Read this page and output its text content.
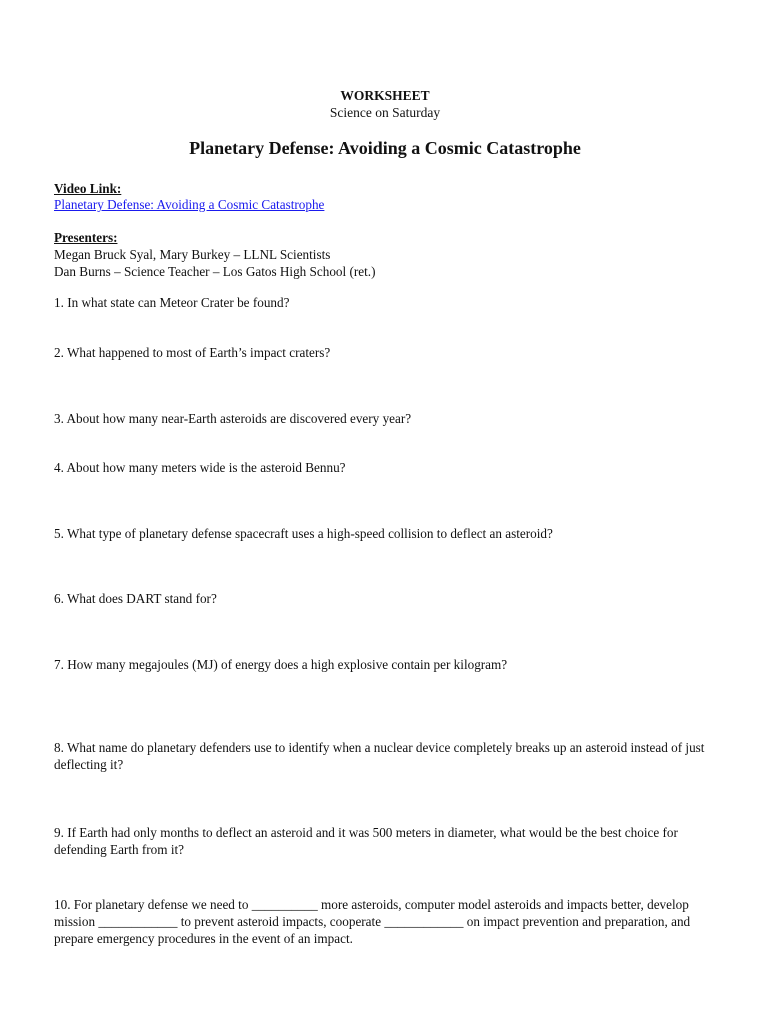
WORKSHEET
Science on Saturday
Planetary Defense: Avoiding a Cosmic Catastrophe
Video Link:
Planetary Defense: Avoiding a Cosmic Catastrophe
Presenters:
Megan Bruck Syal, Mary Burkey – LLNL Scientists
Dan Burns – Science Teacher – Los Gatos High School (ret.)
1. In what state can Meteor Crater be found?
2. What happened to most of Earth’s impact craters?
3. About how many near-Earth asteroids are discovered every year?
4. About how many meters wide is the asteroid Bennu?
5. What type of planetary defense spacecraft uses a high-speed collision to deflect an asteroid?
6. What does DART stand for?
7. How many megajoules (MJ) of energy does a high explosive contain per kilogram?
8. What name do planetary defenders use to identify when a nuclear device completely breaks up an asteroid instead of just deflecting it?
9. If Earth had only months to deflect an asteroid and it was 500 meters in diameter, what would be the best choice for defending Earth from it?
10. For planetary defense we need to __________ more asteroids, computer model asteroids and impacts better, develop mission ____________ to prevent asteroid impacts, cooperate ____________ on impact prevention and preparation, and prepare emergency procedures in the event of an impact.
